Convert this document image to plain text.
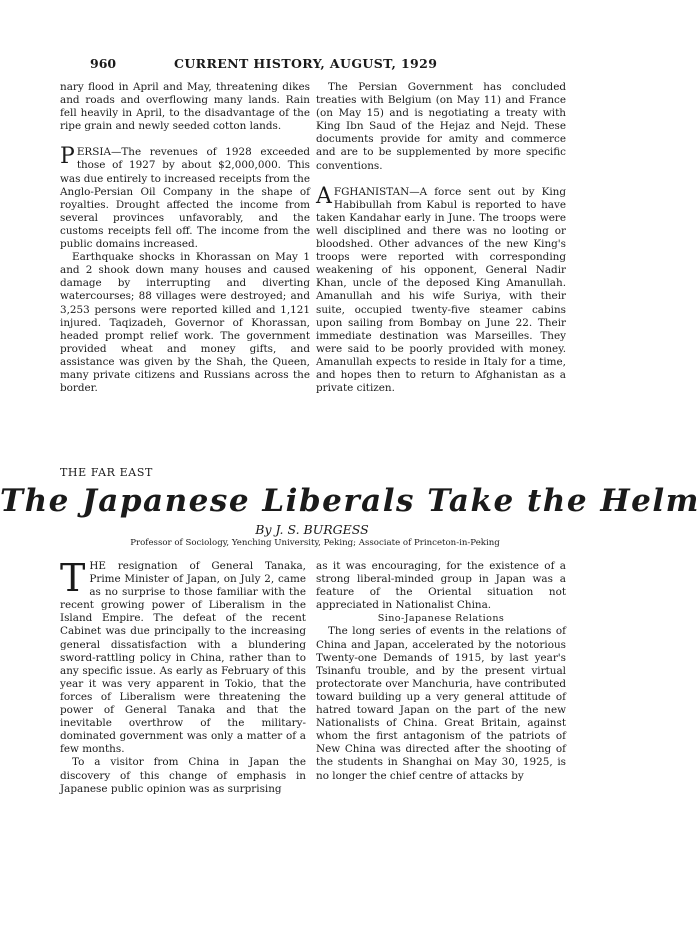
960	CURRENT HISTORY, AUGUST, 1929

nary flood in April and May, threatening dikes and roads and overflowing many lands. Rain fell heavily in April, to the disadvantage of the ripe grain and newly seeded cotton lands.

PERSIA—The revenues of 1928 exceeded those of 1927 by about $2,000,000. This was due entirely to increased receipts from the Anglo-Persian Oil Company in the shape of royalties. Drought affected the income from several provinces unfavorably, and the customs receipts fell off. The income from the public domains increased.

Earthquake shocks in Khorassan on May 1 and 2 shook down many houses and caused damage by interrupting and diverting watercourses; 88 villages were destroyed; and 3,253 persons were reported killed and 1,121 injured. Taqizadeh, Governor of Khorassan, headed prompt relief work. The government provided wheat and money gifts, and assistance was given by the Shah, the Queen, many private citizens and Russians across the border.

The Persian Government has concluded treaties with Belgium (on May 11) and France (on May 15) and is negotiating a treaty with King Ibn Saud of the Hejaz and Nejd. These documents provide for amity and commerce and are to be supplemented by more specific conventions.

AFGHANISTAN—A force sent out by King Habibullah from Kabul is reported to have taken Kandahar early in June. The troops were well disciplined and there was no looting or bloodshed. Other advances of the new King's troops were reported with corresponding weakening of his opponent, General Nadir Khan, uncle of the deposed King Amanullah. Amanullah and his wife Suriya, with their suite, occupied twenty-five steamer cabins upon sailing from Bombay on June 22. Their immediate destination was Marseilles. They were said to be poorly provided with money. Amanullah expects to reside in Italy for a time, and hopes then to return to Afghanistan as a private citizen.

THE FAR EAST
The Japanese Liberals Take the Helm
By J. S. BURGESS
Professor of Sociology, Yenching University, Peking; Associate of Princeton-in-Peking

THE resignation of General Tanaka, Prime Minister of Japan, on July 2, came as no surprise to those familiar with the recent growing power of Liberalism in the Island Empire. The defeat of the recent Cabinet was due principally to the increasing general dissatisfaction with a blundering sword-rattling policy in China, rather than to any specific issue. As early as February of this year it was very apparent in Tokio, that the forces of Liberalism were threatening the power of General Tanaka and that the inevitable overthrow of the military-dominated government was only a matter of a few months.

To a visitor from China in Japan the discovery of this change of emphasis in Japanese public opinion was as surprising

as it was encouraging, for the existence of a strong liberal-minded group in Japan was a feature of the Oriental situation not appreciated in Nationalist China.

Sino-Japanese Relations

The long series of events in the relations of China and Japan, accelerated by the notorious Twenty-one Demands of 1915, by last year's Tsinanfu trouble, and by the present virtual protectorate over Manchuria, have contributed toward building up a very general attitude of hatred toward Japan on the part of the new Nationalists of China. Great Britain, against whom the first antagonism of the patriots of New China was directed after the shooting of the students in Shanghai on May 30, 1925, is no longer the chief centre of attacks by
